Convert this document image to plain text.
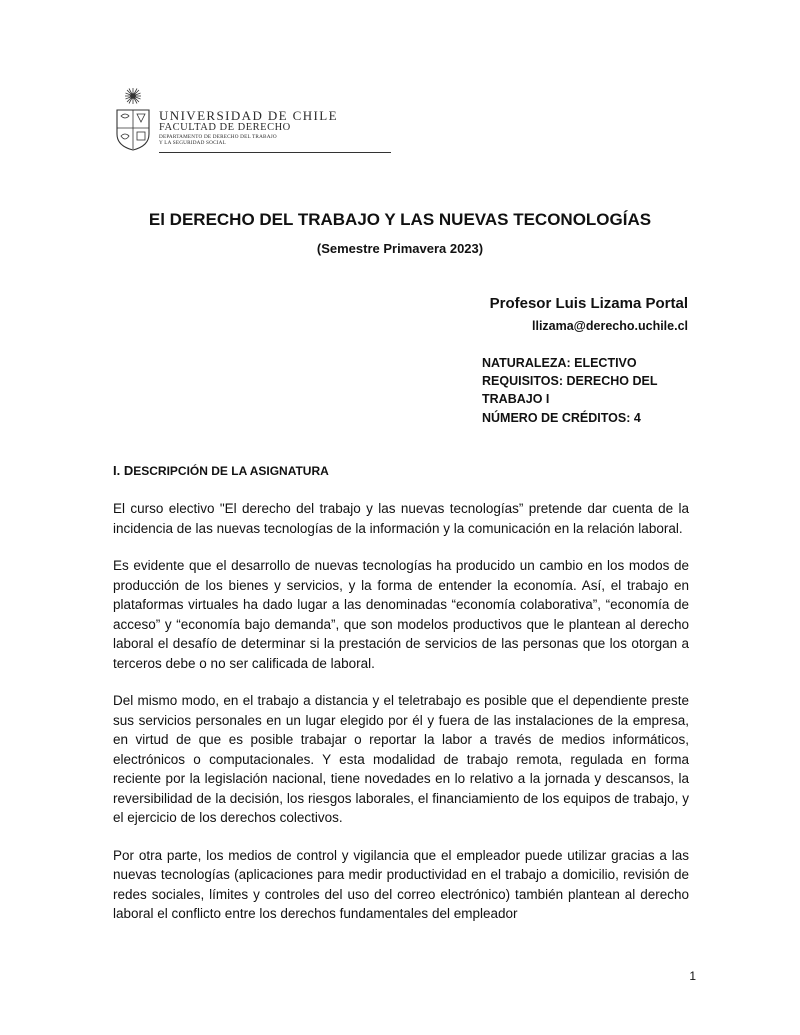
UNIVERSIDAD DE CHILE
FACULTAD DE DERECHO
DEPARTAMENTO DE DERECHO DEL TRABAJO
Y LA SEGURIDAD SOCIAL
El DERECHO DEL TRABAJO Y LAS NUEVAS TECONOLOGÍAS
(Semestre Primavera 2023)
Profesor Luis Lizama Portal
llizama@derecho.uchile.cl
NATURALEZA: ELECTIVO
REQUISITOS: DERECHO DEL
TRABAJO I
NÚMERO DE CRÉDITOS: 4
I. DESCRIPCIÓN DE LA ASIGNATURA

El curso electivo "El derecho del trabajo y las nuevas tecnologías” pretende dar cuenta de la incidencia de las nuevas tecnologías de la información y la comunicación en la relación laboral.

Es evidente que el desarrollo de nuevas tecnologías ha producido un cambio en los modos de producción de los bienes y servicios, y la forma de entender la economía. Así, el trabajo en plataformas virtuales ha dado lugar a las denominadas “economía colaborativa”, “economía de acceso” y “economía bajo demanda”, que son modelos productivos que le plantean al derecho laboral el desafío de determinar si la prestación de servicios de las personas que los otorgan a terceros debe o no ser calificada de laboral.

Del mismo modo, en el trabajo a distancia y el teletrabajo es posible que el dependiente preste sus servicios personales en un lugar elegido por él y fuera de las instalaciones de la empresa, en virtud de que es posible trabajar o reportar la labor a través de medios informáticos, electrónicos o computacionales. Y esta modalidad de trabajo remota, regulada en forma reciente por la legislación nacional, tiene novedades en lo relativo a la jornada y descansos, la reversibilidad de la decisión, los riesgos laborales, el financiamiento de los equipos de trabajo, y el ejercicio de los derechos colectivos.

Por otra parte, los medios de control y vigilancia que el empleador puede utilizar gracias a las nuevas tecnologías (aplicaciones para medir productividad en el trabajo a domicilio, revisión de redes sociales, límites y controles del uso del correo electrónico) también plantean al derecho laboral el conflicto entre los derechos fundamentales del empleador

1
